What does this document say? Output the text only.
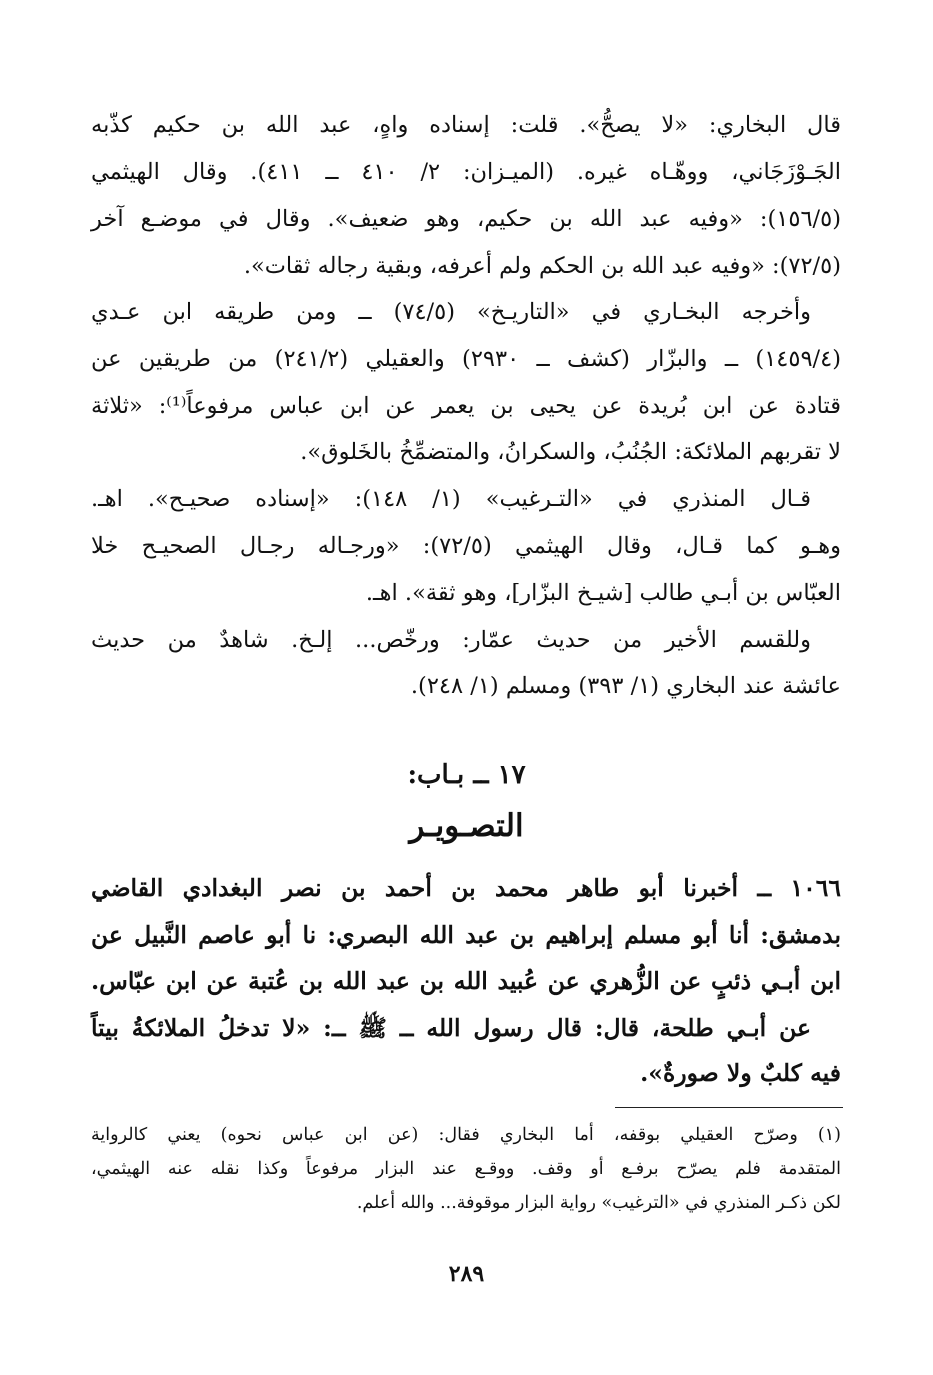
قال البخاري: «لا يصحُّ». قلت: إسناده واهٍ، عبد الله بن حكيم كذّبه
الجَـوْزَجَاني، ووهّـاه غيره. (الميـزان: ٢/ ٤١٠ ــ ٤١١). وقال الهيثمي
(١٥٦/٥): «وفيه عبد الله بن حكيم، وهو ضعيف». وقال في موضـع آخر
(٧٢/٥): «وفيه عبد الله بن الحكم ولم أعرفه، وبقية رجاله ثقات».
وأخرجه البخـاري في «التاريـخ» (٧٤/٥) ــ ومن طريقه ابن عـدي
(١٤٥٩/٤) ــ والبزّار (كشف ــ ٢٩٣٠) والعقيلي (٢٤١/٢) من طريقين عن
قتادة عن ابن بُريدة عن يحيى بن يعمر عن ابن عباس مرفوعاً⁽¹⁾: «ثلاثة
لا تقربهم الملائكة: الجُنُبُ، والسكرانُ، والمتضمِّخُ بالخَلوق».
قـال المنذري في «التـرغيب» (١/ ١٤٨): «إسناده صحيـح». اهـ.
وهـو كما قـال، وقال الهيثمي (٧٢/٥): «ورجـاله رجـال الصحيـح خلا
العبّاس بن أبـي طالب [شيـخ البزّار]، وهو ثقة». اهـ.
وللقسم الأخير من حديث عمّار: ورخّص... إلـخ. شاهدٌ من حديث
عائشة عند البخاري (١/ ٣٩٣) ومسلم (١/ ٢٤٨).
١٧ ــ بـاب:
التصـويـر
١٠٦٦ ــ أخبرنا أبو طاهر محمد بن أحمد بن نصر البغدادي القاضي
بدمشق: أنا أبو مسلم إبراهيم بن عبد الله البصري: نا أبو عاصم النَّبيل عن
ابن أبـي ذئبٍ عن الزُّهري عن عُبيد الله بن عبد الله بن عُتبة عن ابن عبّاس.
عن أبـي طلحة، قال: قال رسول الله ــ ﷺ ــ: «لا تدخلُ الملائكةُ بيتاً
فيه كلبٌ ولا صورةٌ».
(١) وصرّح العقيلي بوقفه، أما البخاري فقال: (عن ابن عباس نحوه) يعني كالرواية
المتقدمة فلم يصرّح برفـع أو وقف. ووقـع عند البزار مرفوعاً وكذا نقله عنه الهيثمي،
لكن ذكـر المنذري في «الترغيب» رواية البزار موقوفة... والله أعلم.
٢٨٩
